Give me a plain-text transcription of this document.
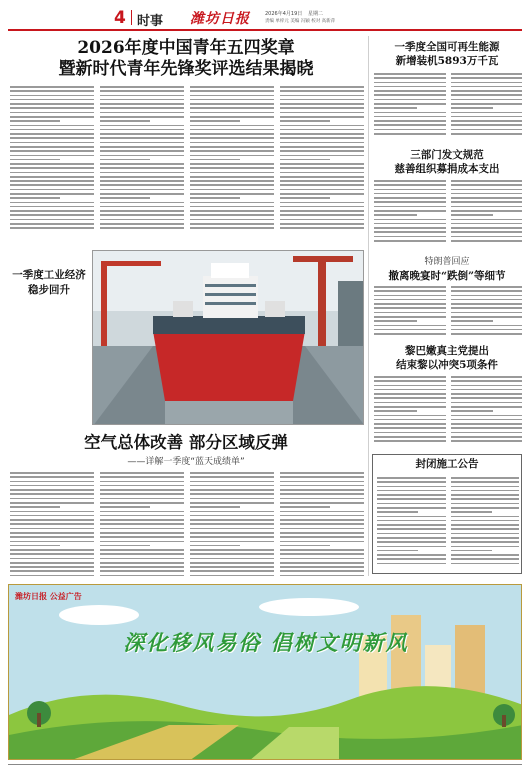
4 时事 潍坊日报	2026年4月19日 星期二
责编 单梓元 美编 冯颖 校对 高新萍
2026年度中国青年五四奖章
暨新时代青年先锋奖评选结果揭晓
一季度工业经济
稳步回升
空气总体改善 部分区域反弹
——详解一季度“蓝天成绩单”
一季度全国可再生能源
新增装机5893万千瓦
三部门发文规范
慈善组织募捐成本支出
特朗普回应
撤离晚宴时“跌倒”等细节
黎巴嫩真主党提出
结束黎以冲突5项条件
封闭施工公告
潍坊日报 公益广告
深化移风易俗 倡树文明新风
